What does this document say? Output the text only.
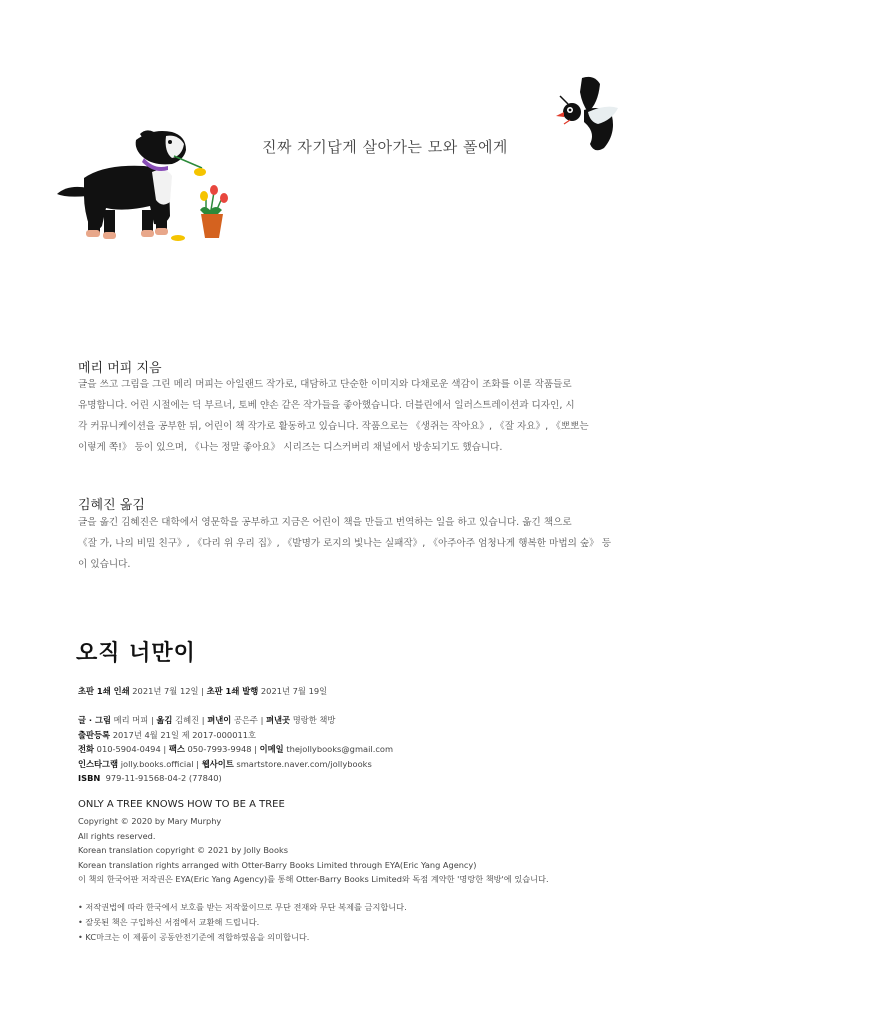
진짜 자기답게 살아가는 모와 폴에게
메리 머피 지음

글을 쓰고 그림을 그린 메리 머피는 아일랜드 작가로, 대담하고 단순한 이미지와 다채로운 색감이 조화를 이룬 작품들로

유명합니다. 어린 시절에는 딕 부르너, 토베 얀손 같은 작가들을 좋아했습니다. 더블린에서 일러스트레이션과 디자인, 시

각 커뮤니케이션을 공부한 뒤, 어린이 책 작가로 활동하고 있습니다. 작품으로는 《생쥐는 작아요》, 《잘 자요》, 《뽀뽀는

이렇게 쪽!》 등이 있으며, 《나는 정말 좋아요》 시리즈는 디스커버리 채널에서 방송되기도 했습니다.

김혜진 옮김

글을 옮긴 김혜진은 대학에서 영문학을 공부하고 지금은 어린이 책을 만들고 번역하는 일을 하고 있습니다. 옮긴 책으로

《잘 가, 나의 비밀 친구》, 《다리 위 우리 집》, 《발명가 로지의 빛나는 실패작》, 《아주아주 엄청나게 행복한 마법의 숲》 등

이 있습니다.

오직 너만이
초판 1쇄 인쇄 2021년 7월 12일 | 초판 1쇄 발행 2021년 7월 19일
글 · 그림 메리 머피 | 옮김 김혜진 | 펴낸이 공은주 | 펴낸곳 명랑한 책방
출판등록 2017년 4월 21일 제 2017-000011호
전화 010-5904-0494 | 팩스 050-7993-9948 | 이메일 thejollybooks@gmail.com
인스타그램 jolly.books.official | 웹사이트 smartstore.naver.com/jollybooks
ISBN 979-11-91568-04-2 (77840)
ONLY A TREE KNOWS HOW TO BE A TREE
Copyright © 2020 by Mary Murphy
All rights reserved.
Korean translation copyright © 2021 by Jolly Books
Korean translation rights arranged with Otter-Barry Books Limited through EYA(Eric Yang Agency)
이 책의 한국어판 저작권은 EYA(Eric Yang Agency)를 통해 Otter-Barry Books Limited와 독점 계약한 '명랑한 책방'에 있습니다.
• 저작권법에 따라 한국에서 보호를 받는 저작물이므로 무단 전재와 무단 복제를 금지합니다.
• 잘못된 책은 구입하신 서점에서 교환해 드립니다.
• KC마크는 이 제품이 공동안전기준에 적합하였음을 의미합니다.
